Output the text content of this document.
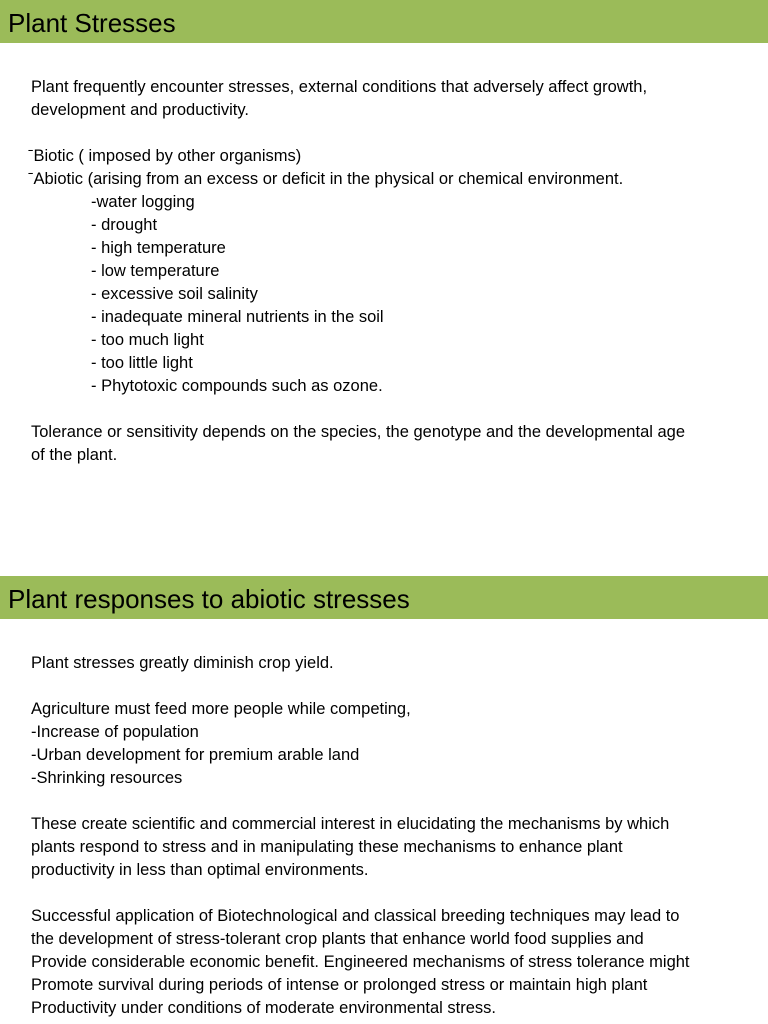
Plant Stresses
Plant frequently encounter stresses, external conditions that adversely affect growth,
development and productivity.
ˉBiotic ( imposed by other organisms)
ˉAbiotic (arising from an excess or deficit in the physical or chemical environment.
-water logging
- drought
- high temperature
- low temperature
- excessive soil salinity
- inadequate mineral nutrients in the soil
- too much light
- too little light
- Phytotoxic compounds such as ozone.
Tolerance or sensitivity depends on the species, the genotype and the developmental age
of the plant.
Plant responses to abiotic stresses
Plant stresses greatly diminish crop yield.
Agriculture must feed more people while competing,
-Increase of population
-Urban development for premium arable land
-Shrinking resources
These create scientific and commercial interest in elucidating the mechanisms by which
plants respond to stress and in manipulating these mechanisms to enhance plant
productivity in less than optimal environments.
Successful application of Biotechnological and classical breeding techniques may lead to
the development of stress-tolerant crop plants that enhance world food supplies and
Provide considerable economic benefit. Engineered mechanisms of stress tolerance might
Promote survival during periods of intense or prolonged stress or maintain high plant
Productivity under conditions of moderate environmental stress.
